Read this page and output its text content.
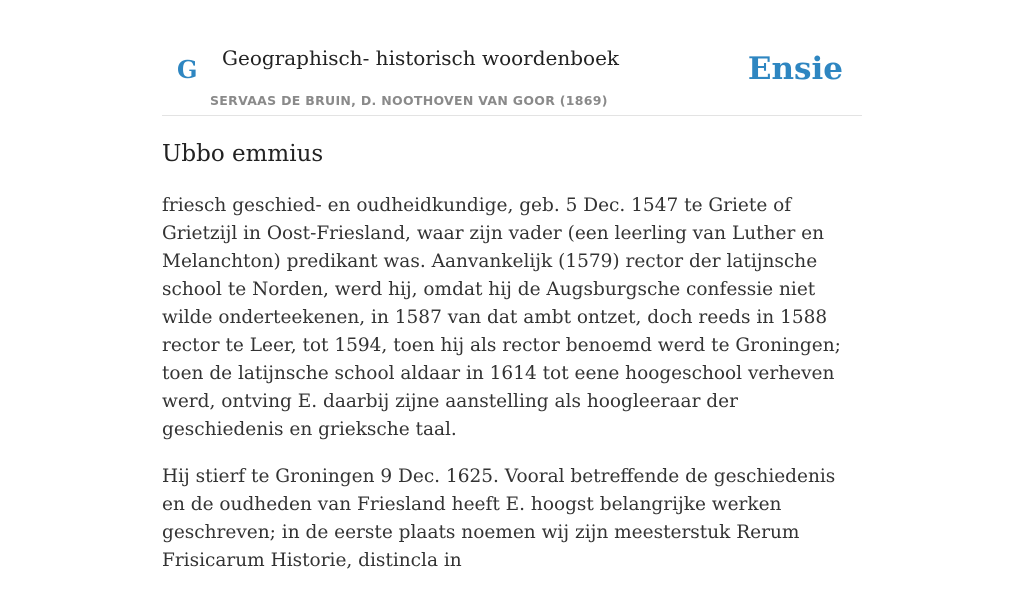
G Geographisch- historisch woordenboek
SERVAAS DE BRUIN, D. NOOTHOVEN VAN GOOR (1869)
Ensie
Ubbo emmius

friesch geschied- en oudheidkundige, geb. 5 Dec. 1547 te Griete of Grietzijl in Oost-Friesland, waar zijn vader (een leerling van Luther en Melanchton) predikant was. Aanvankelijk (1579) rector der latijnsche school te Norden, werd hij, omdat hij de Augsburgsche confessie niet wilde onderteekenen, in 1587 van dat ambt ontzet, doch reeds in 1588 rector te Leer, tot 1594, toen hij als rector benoemd werd te Groningen; toen de latijnsche school aldaar in 1614 tot eene hoogeschool verheven werd, ontving E. daarbij zijne aanstelling als hoogleeraar der geschiedenis en grieksche taal.

Hij stierf te Groningen 9 Dec. 1625. Vooral betreffende de geschiedenis en de oudheden van Friesland heeft E. hoogst belangrijke werken geschreven; in de eerste plaats noemen wij zijn meesterstuk Rerum Frisicarum Historie, distincla in
